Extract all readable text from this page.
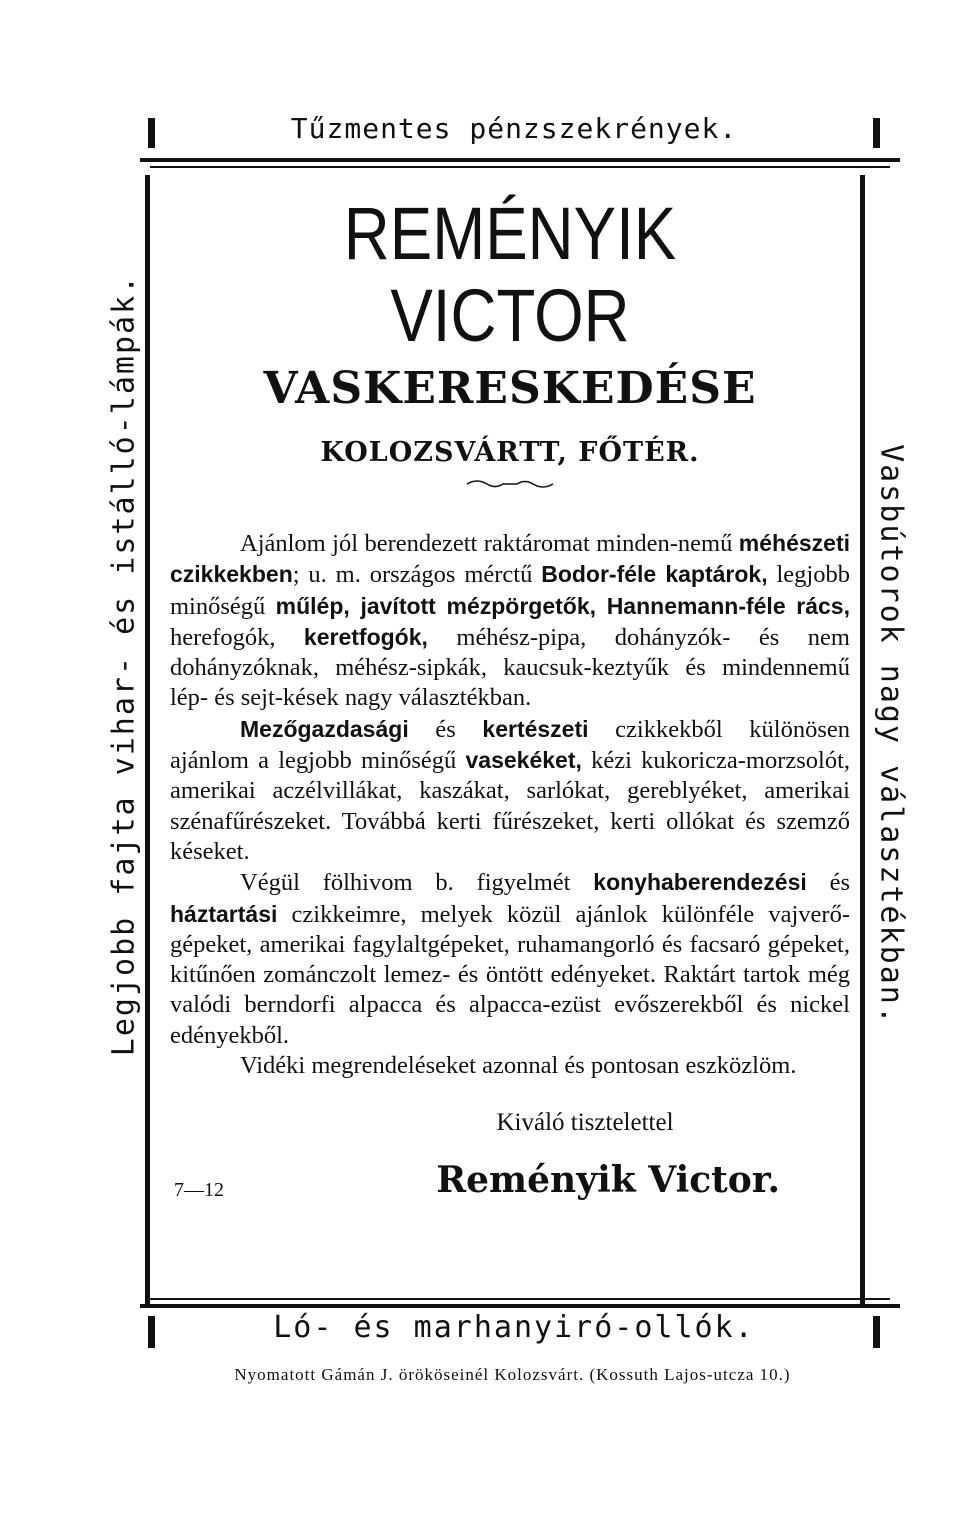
Tűzmentes pénzszekrények.
Legjobb fajta vihar- és istálló-lámpák.	Vasbútorok nagy választékban.
REMÉNYIK VICTOR
VASKERESKEDÉSE
KOLOZSVÁRTT, FŐTÉR.

Ajánlom jól berendezett raktáromat minden-nemű méhészeti czikkekben; u. m. országos mérctű Bodor-féle kaptárok, legjobb minőségű műlép, javított mézpörgetők, Hannemann-féle rács, herefogók, keretfogók, méhész-pipa, dohányzók- és nem dohányzóknak, méhész-sipkák, kaucsuk-keztyűk és mindennemű lép- és sejt-kések nagy választékban.

Mezőgazdasági és kertészeti czikkekből különösen ajánlom a legjobb minőségű vasekéket, kézi kukoricza-morzsolót, amerikai aczélvillákat, kaszákat, sarlókat, gereblyéket, amerikai szénafűrészeket. Továbbá kerti fűrészeket, kerti ollókat és szemző késeket.

Végül fölhivom b. figyelmét konyhaberendezési és háztartási czikkeimre, melyek közül ajánlok különféle vajverő-gépeket, amerikai fagylaltgépeket, ruhamangorló és facsaró gépeket, kitűnően zománczolt lemez- és öntött edényeket. Raktárt tartok még valódi berndorfi alpacca és alpacca-ezüst evőszerekből és nickel edényekből.

Vidéki megrendeléseket azonnal és pontosan eszközlöm.

Kiváló tisztelettel
7—12	Reményik Victor.
Ló- és marhanyiró-ollók.
Nyomatott Gámán J. örököseinél Kolozsvárt. (Kossuth Lajos-utcza 10.)
